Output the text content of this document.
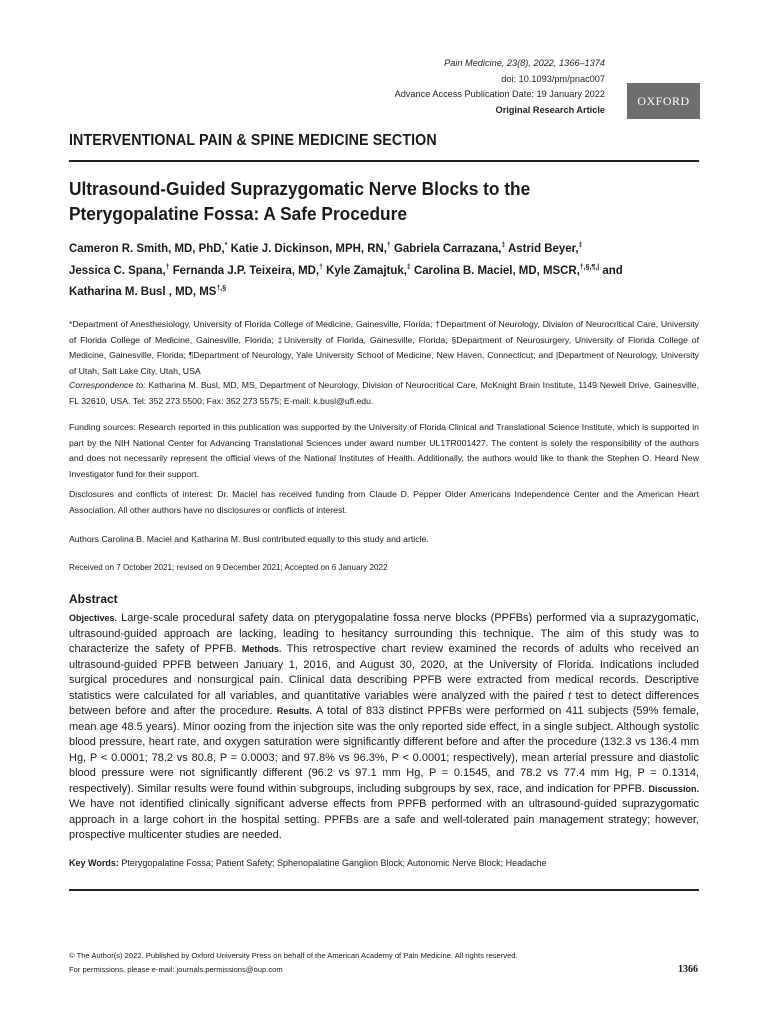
Pain Medicine, 23(8), 2022, 1366–1374
doi: 10.1093/pm/pnac007
Advance Access Publication Date: 19 January 2022
Original Research Article
OXFORD
INTERVENTIONAL PAIN & SPINE MEDICINE SECTION
Ultrasound-Guided Suprazygomatic Nerve Blocks to the Pterygopalatine Fossa: A Safe Procedure
Cameron R. Smith, MD, PhD,* Katie J. Dickinson, MPH, RN,† Gabriela Carrazana,‡ Astrid Beyer,‡
Jessica C. Spana,† Fernanda J.P. Teixeira, MD,† Kyle Zamajtuk,‡ Carolina B. Maciel, MD, MSCR,†,§,¶,| and
Katharina M. Busl , MD, MS†,§
*Department of Anesthesiology, University of Florida College of Medicine, Gainesville, Florida; †Department of Neurology, Division of Neurocritical Care, University of Florida College of Medicine, Gainesville, Florida; ‡University of Florida, Gainesville, Florida; §Department of Neurosurgery, University of Florida College of Medicine, Gainesville, Florida; ¶Department of Neurology, Yale University School of Medicine, New Haven, Connecticut; and |Department of Neurology, University of Utah, Salt Lake City, Utah, USA
Correspondence to: Katharina M. Busl, MD, MS, Department of Neurology, Division of Neurocritical Care, McKnight Brain Institute, 1149 Newell Drive, Gainesville, FL 32610, USA. Tel: 352 273 5500; Fax: 352 273 5575; E-mail: k.busl@ufl.edu.
Funding sources: Research reported in this publication was supported by the University of Florida Clinical and Translational Science Institute, which is supported in part by the NIH National Center for Advancing Translational Sciences under award number UL1TR001427. The content is solely the responsibility of the authors and does not necessarily represent the official views of the National Institutes of Health. Additionally, the authors would like to thank the Stephen O. Heard New Investigator fund for their support.
Disclosures and conflicts of interest: Dr. Maciel has received funding from Claude D. Pepper Older Americans Independence Center and the American Heart Association. All other authors have no disclosures or conflicts of interest.
Authors Carolina B. Maciel and Katharina M. Busl contributed equally to this study and article.
Received on 7 October 2021; revised on 9 December 2021; Accepted on 6 January 2022
Abstract
Objectives. Large-scale procedural safety data on pterygopalatine fossa nerve blocks (PPFBs) performed via a suprazygomatic, ultrasound-guided approach are lacking, leading to hesitancy surrounding this technique. The aim of this study was to characterize the safety of PPFB. Methods. This retrospective chart review examined the records of adults who received an ultrasound-guided PPFB between January 1, 2016, and August 30, 2020, at the University of Florida. Indications included surgical procedures and nonsurgical pain. Clinical data describing PPFB were extracted from medical records. Descriptive statistics were calculated for all variables, and quantitative variables were analyzed with the paired t test to detect differences between before and after the procedure. Results. A total of 833 distinct PPFBs were performed on 411 subjects (59% female, mean age 48.5 years). Minor oozing from the injection site was the only reported side effect, in a single subject. Although systolic blood pressure, heart rate, and oxygen saturation were significantly different before and after the procedure (132.3 vs 136.4 mm Hg, P < 0.0001; 78.2 vs 80.8, P = 0.0003; and 97.8% vs 96.3%, P < 0.0001; respectively), mean arterial pressure and diastolic blood pressure were not significantly different (96.2 vs 97.1 mm Hg, P = 0.1545, and 78.2 vs 77.4 mm Hg, P = 0.1314, respectively). Similar results were found within subgroups, including subgroups by sex, race, and indication for PPFB. Discussion. We have not identified clinically significant adverse effects from PPFB performed with an ultrasound-guided suprazygomatic approach in a large cohort in the hospital setting. PPFBs are a safe and well-tolerated pain management strategy; however, prospective multicenter studies are needed.
Key Words: Pterygopalatine Fossa; Patient Safety; Sphenopalatine Ganglion Block; Autonomic Nerve Block; Headache
© The Author(s) 2022. Published by Oxford University Press on behalf of the American Academy of Pain Medicine. All rights reserved.
For permissions, please e-mail: journals.permissions@oup.com	1366
